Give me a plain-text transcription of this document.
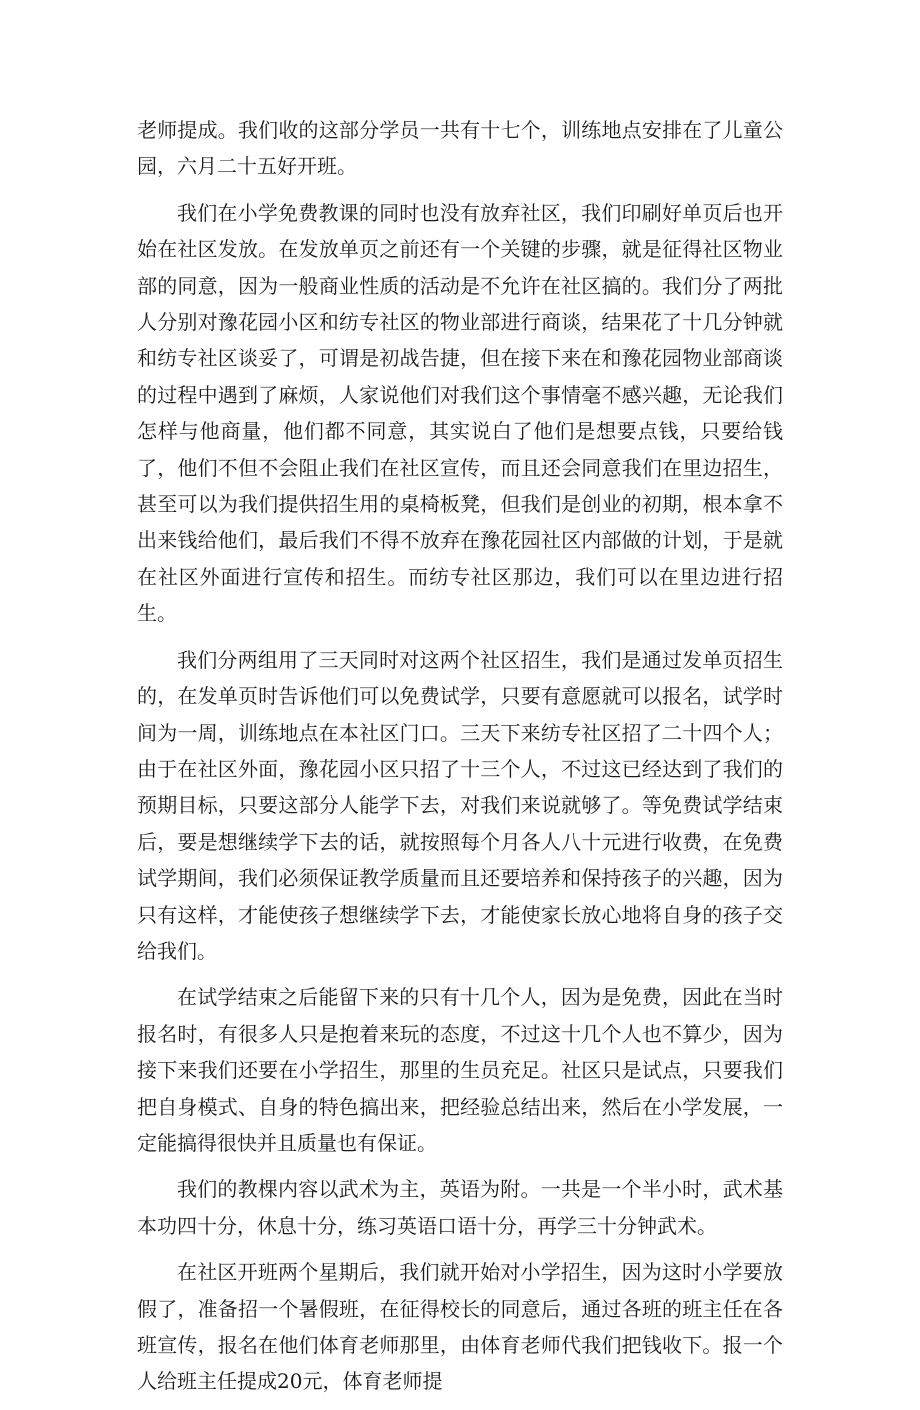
老师提成。我们收的这部分学员一共有十七个，训练地点安排在了儿童公园，六月二十五好开班。

我们在小学免费教课的同时也没有放弃社区，我们印刷好单页后也开始在社区发放。在发放单页之前还有一个关键的步骤，就是征得社区物业部的同意，因为一般商业性质的活动是不允许在社区搞的。我们分了两批人分别对豫花园小区和纺专社区的物业部进行商谈，结果花了十几分钟就和纺专社区谈妥了，可谓是初战告捷，但在接下来在和豫花园物业部商谈的过程中遇到了麻烦，人家说他们对我们这个事情毫不感兴趣，无论我们怎样与他商量，他们都不同意，其实说白了他们是想要点钱，只要给钱了，他们不但不会阻止我们在社区宣传，而且还会同意我们在里边招生，甚至可以为我们提供招生用的桌椅板凳，但我们是创业的初期，根本拿不出来钱给他们，最后我们不得不放弃在豫花园社区内部做的计划，于是就在社区外面进行宣传和招生。而纺专社区那边，我们可以在里边进行招生。

我们分两组用了三天同时对这两个社区招生，我们是通过发单页招生的，在发单页时告诉他们可以免费试学，只要有意愿就可以报名，试学时间为一周，训练地点在本社区门口。三天下来纺专社区招了二十四个人；由于在社区外面，豫花园小区只招了十三个人，不过这已经达到了我们的预期目标，只要这部分人能学下去，对我们来说就够了。等免费试学结束后，要是想继续学下去的话，就按照每个月各人八十元进行收费，在免费试学期间，我们必须保证教学质量而且还要培养和保持孩子的兴趣，因为只有这样，才能使孩子想继续学下去，才能使家长放心地将自身的孩子交给我们。

在试学结束之后能留下来的只有十几个人，因为是免费，因此在当时报名时，有很多人只是抱着来玩的态度，不过这十几个人也不算少，因为接下来我们还要在小学招生，那里的生员充足。社区只是试点，只要我们把自身模式、自身的特色搞出来，把经验总结出来，然后在小学发展，一定能搞得很快并且质量也有保证。

我们的教棵内容以武术为主，英语为附。一共是一个半小时，武术基本功四十分，休息十分，练习英语口语十分，再学三十分钟武术。

在社区开班两个星期后，我们就开始对小学招生，因为这时小学要放假了，准备招一个暑假班，在征得校长的同意后，通过各班的班主任在各班宣传，报名在他们体育老师那里，由体育老师代我们把钱收下。报一个人给班主任提成20元，体育老师提
